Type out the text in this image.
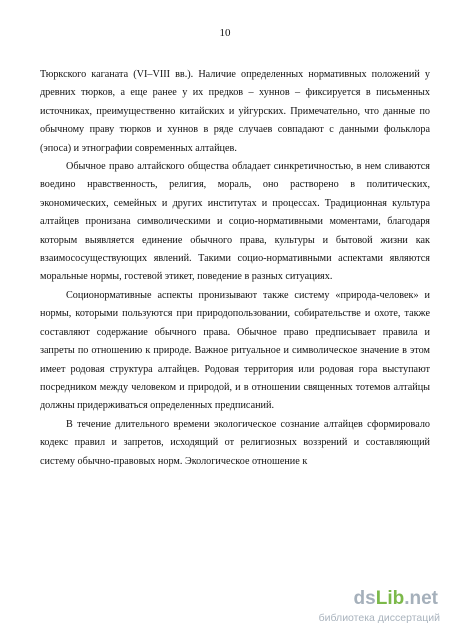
10

Тюркского каганата (VI–VIII вв.). Наличие определенных нормативных положений у древних тюрков, а еще ранее у их предков – хуннов – фиксируется в письменных источниках, преимущественно китайских и уйгурских. Примечательно, что данные по обычному праву тюрков и хуннов в ряде случаев совпадают с данными фольклора (эпоса) и этнографии современных алтайцев.

Обычное право алтайского общества обладает синкретичностью, в нем сливаются воедино нравственность, религия, мораль, оно растворено в политических, экономических, семейных и других институтах и процессах. Традиционная культура алтайцев пронизана символическими и социо-нормативными моментами, благодаря которым выявляется единение обычного права, культуры и бытовой жизни как взаимососуществующих явлений. Такими социо-нормативными аспектами являются моральные нормы, гостевой этикет, поведение в разных ситуациях.

Соционормативные аспекты пронизывают также систему «природа-человек» и нормы, которыми пользуются при природопользовании, собирательстве и охоте, также составляют содержание обычного права. Обычное право предписывает правила и запреты по отношению к природе. Важное ритуальное и символическое значение в этом имеет родовая структура алтайцев. Родовая территория или родовая гора выступают посредником между человеком и природой, и в отношении священных тотемов алтайцы должны придерживаться определенных предписаний.

В течение длительного времени экологическое сознание алтайцев сформировало кодекс правил и запретов, исходящий от религиозных воззрений и составляющий систему обычно-правовых норм. Экологическое отношение к

dsLib.net
библиотека диссертаций
